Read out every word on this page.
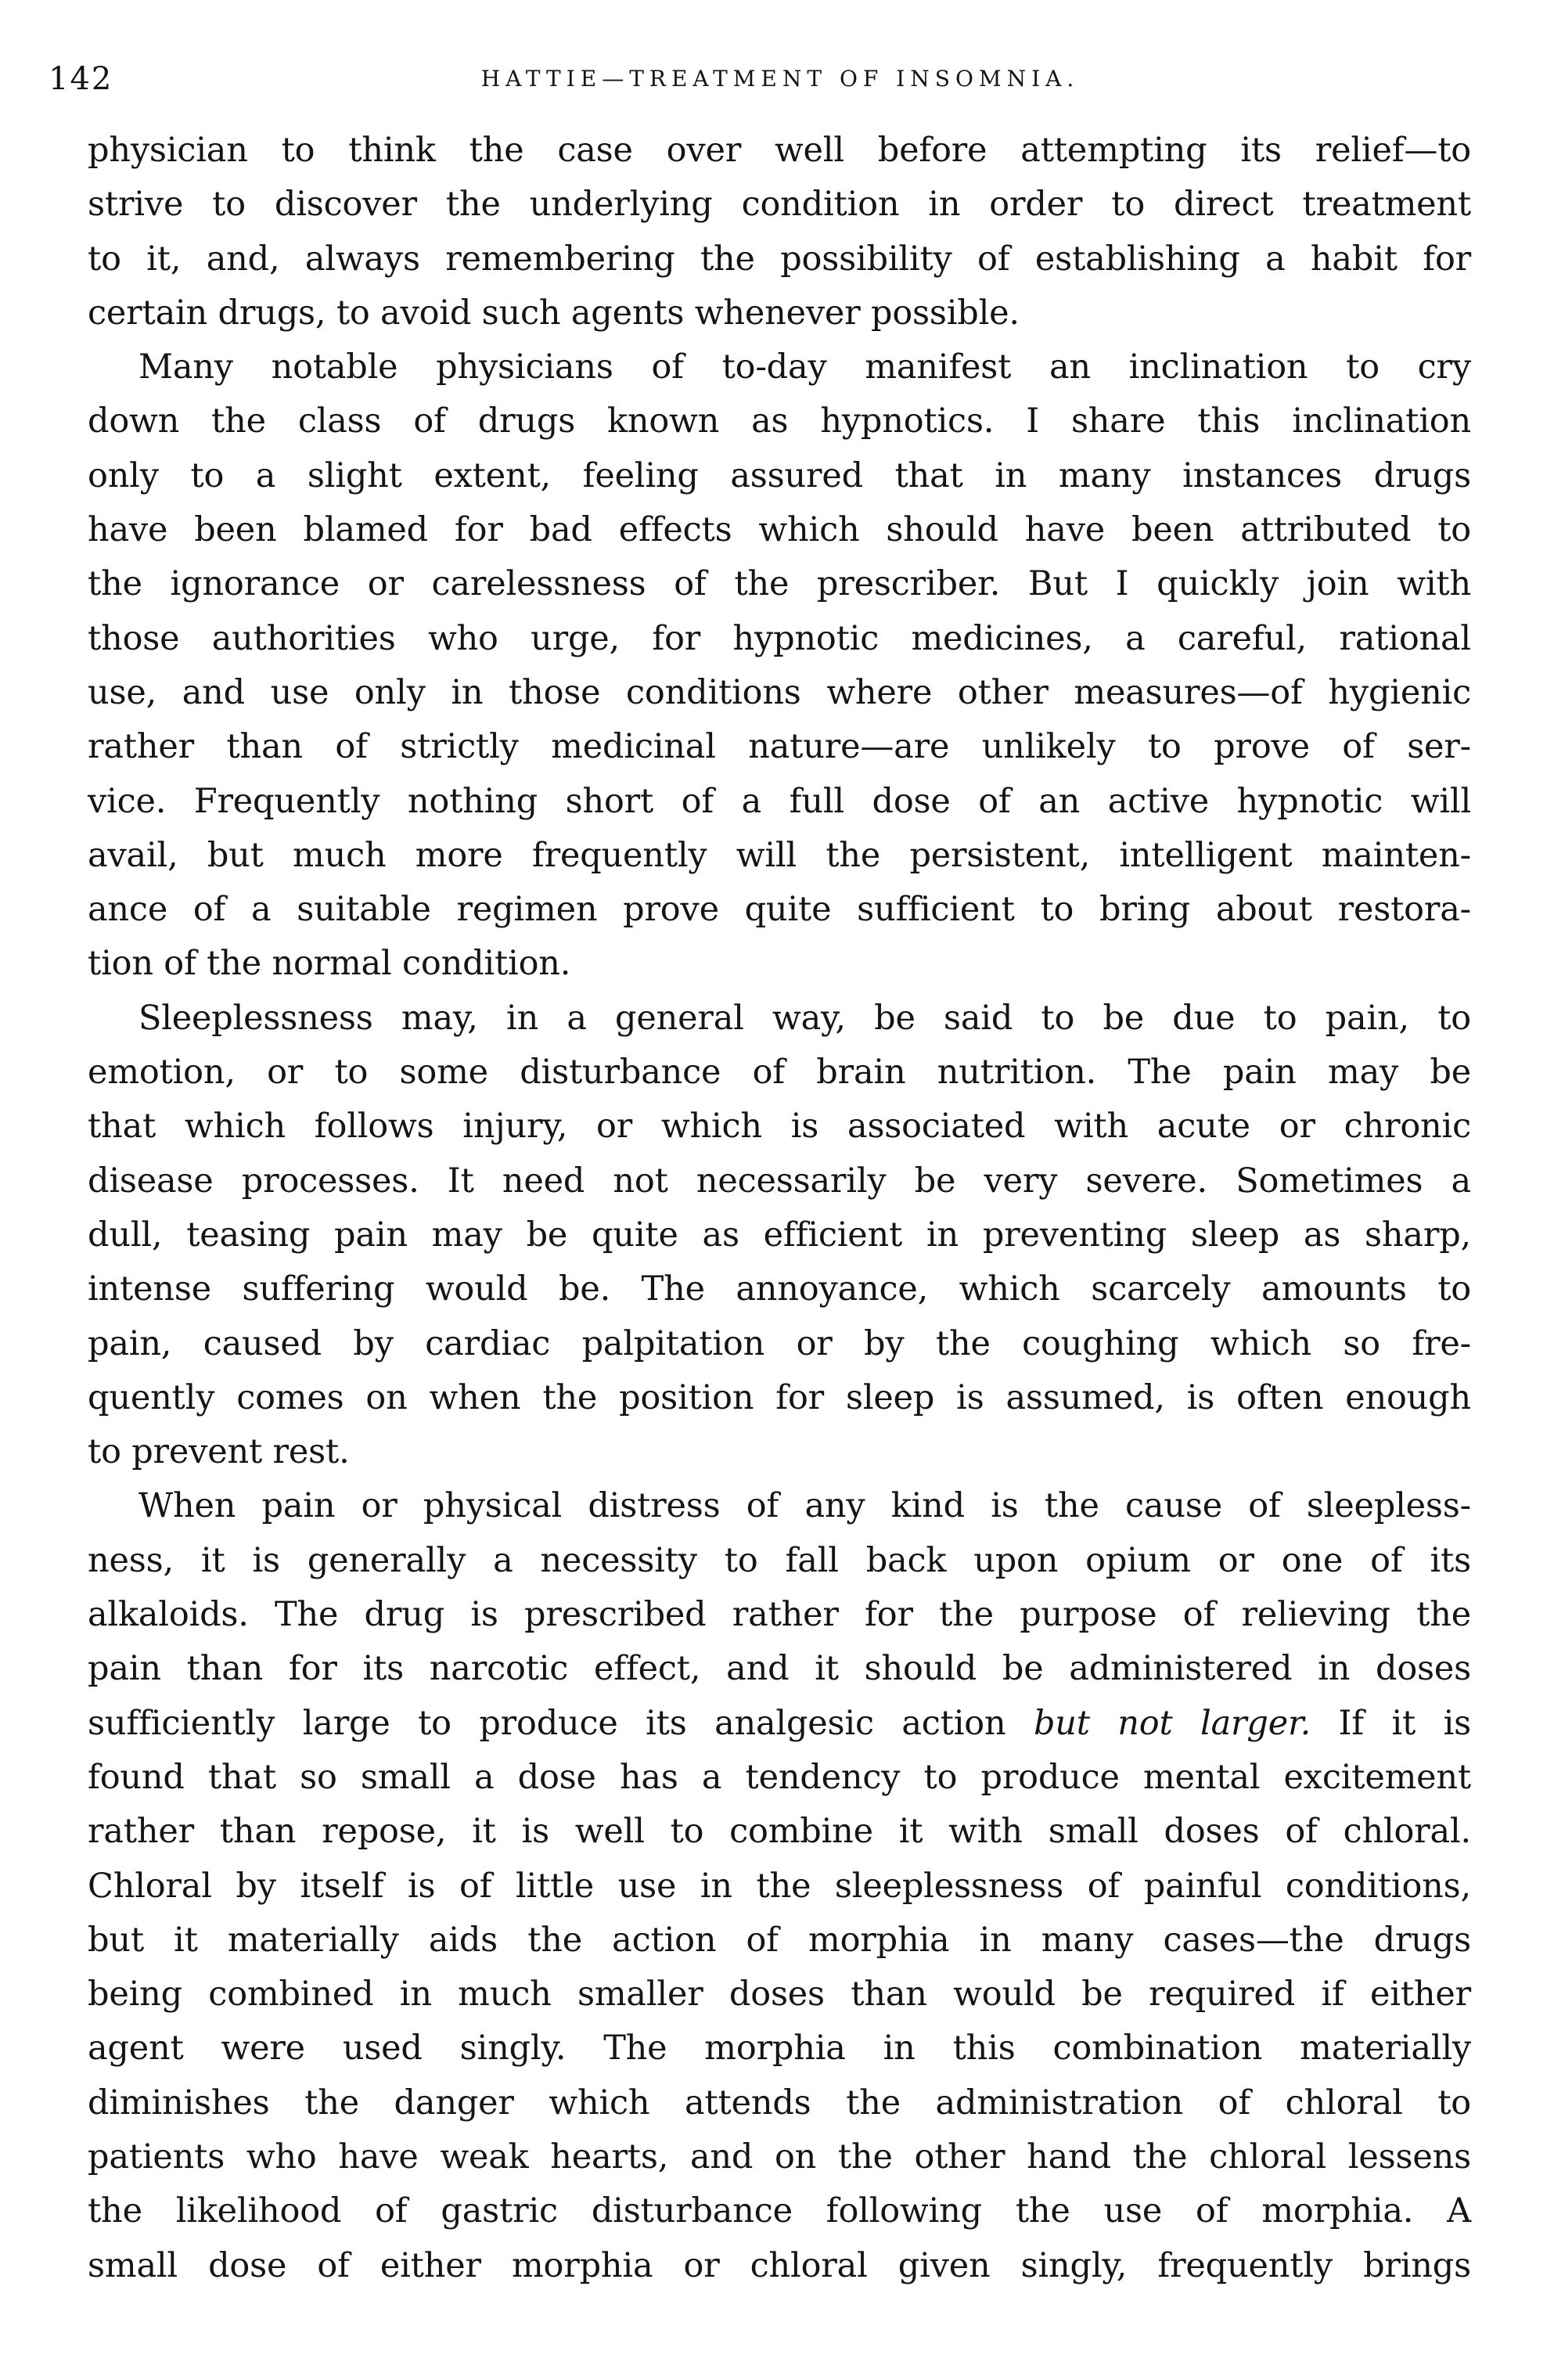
142	HATTIE—TREATMENT OF INSOMNIA.
physician to think the case over well before attempting its relief—to
strive to discover the underlying condition in order to direct treatment
to it, and, always remembering the possibility of establishing a habit for
certain drugs, to avoid such agents whenever possible.
Many notable physicians of to-day manifest an inclination to cry
down the class of drugs known as hypnotics. I share this inclination
only to a slight extent, feeling assured that in many instances drugs
have been blamed for bad effects which should have been attributed to
the ignorance or carelessness of the prescriber. But I quickly join with
those authorities who urge, for hypnotic medicines, a careful, rational
use, and use only in those conditions where other measures—of hygienic
rather than of strictly medicinal nature—are unlikely to prove of ser-
vice. Frequently nothing short of a full dose of an active hypnotic will
avail, but much more frequently will the persistent, intelligent mainten-
ance of a suitable regimen prove quite sufficient to bring about restora-
tion of the normal condition.
Sleeplessness may, in a general way, be said to be due to pain, to
emotion, or to some disturbance of brain nutrition. The pain may be
that which follows injury, or which is associated with acute or chronic
disease processes. It need not necessarily be very severe. Sometimes a
dull, teasing pain may be quite as efficient in preventing sleep as sharp,
intense suffering would be. The annoyance, which scarcely amounts to
pain, caused by cardiac palpitation or by the coughing which so fre-
quently comes on when the position for sleep is assumed, is often enough
to prevent rest.
When pain or physical distress of any kind is the cause of sleepless-
ness, it is generally a necessity to fall back upon opium or one of its
alkaloids. The drug is prescribed rather for the purpose of relieving the
pain than for its narcotic effect, and it should be administered in doses
sufficiently large to produce its analgesic action but not larger. If it is
found that so small a dose has a tendency to produce mental excitement
rather than repose, it is well to combine it with small doses of chloral.
Chloral by itself is of little use in the sleeplessness of painful conditions,
but it materially aids the action of morphia in many cases—the drugs
being combined in much smaller doses than would be required if either
agent were used singly. The morphia in this combination materially
diminishes the danger which attends the administration of chloral to
patients who have weak hearts, and on the other hand the chloral lessens
the likelihood of gastric disturbance following the use of morphia. A
small dose of either morphia or chloral given singly, frequently brings
